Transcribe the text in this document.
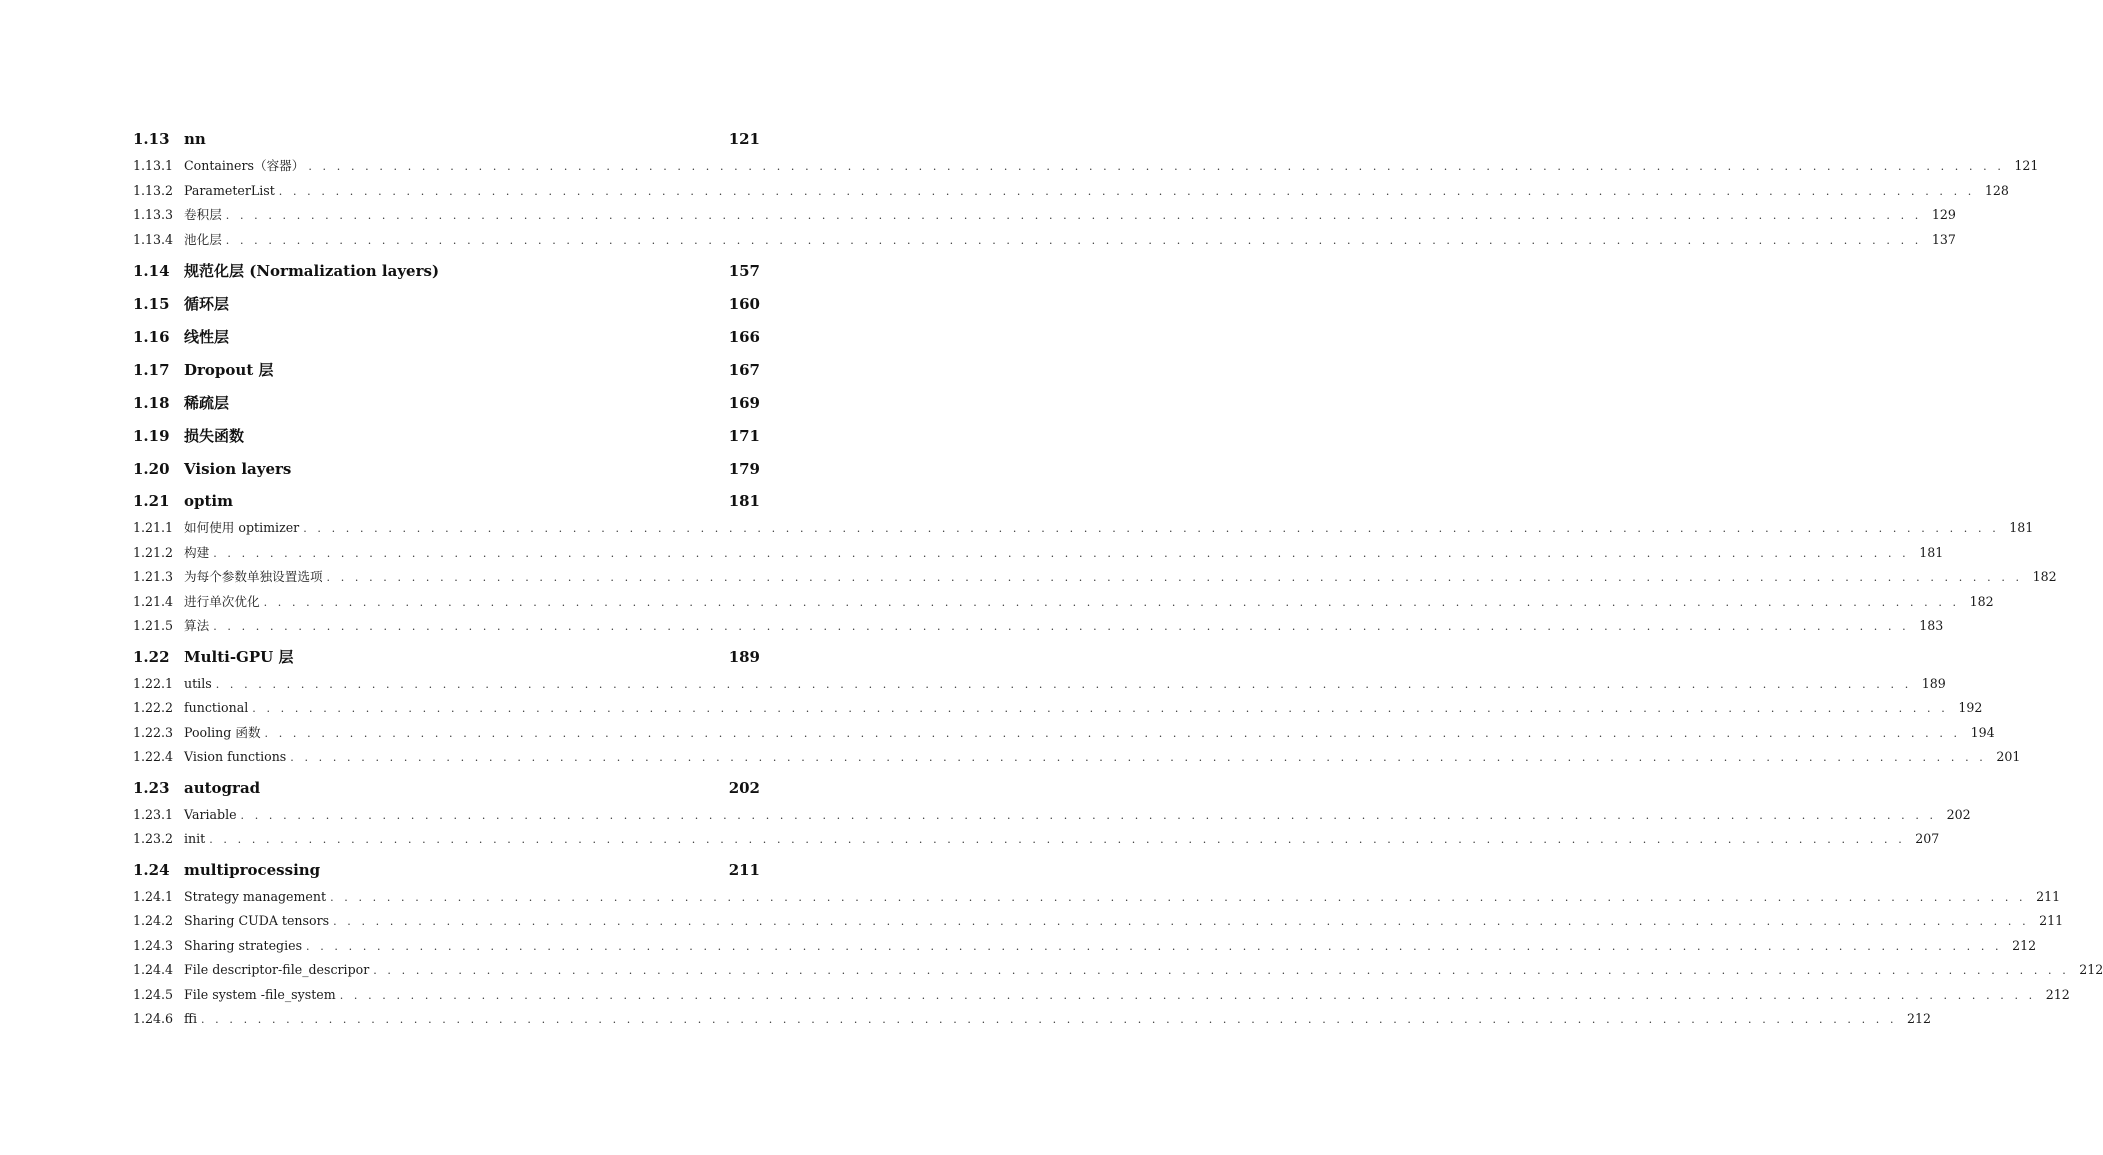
1.13 nn	121
1.13.1 Containers（容器） . . . . . . . . . . . . . . . . . . . . . . . . . . . . . . . . . . . . . . . . . . . . . . . . . . . . . . . . . . . . . . . . . . . . . . . . . . . . . . . . . . . . . . . . . . . . . . . . . . . . . . . . . . . . . . . . . . . . . . . . 121
1.13.2 ParameterList . . . . . . . . . . . . . . . . . . . . . . . . . . . . . . . . . . . . . . . . . . . . . . . . . . . . . . . . . . . . . . . . . . . . . . . . . . . . . . . . . . . . . . . . . . . . . . . . . . . . . . . . . . . . . . . . . . . . . . . . 128
1.13.3 卷积层 . . . . . . . . . . . . . . . . . . . . . . . . . . . . . . . . . . . . . . . . . . . . . . . . . . . . . . . . . . . . . . . . . . . . . . . . . . . . . . . . . . . . . . . . . . . . . . . . . . . . . . . . . . . . . . . . . . . . . . . . 129
1.13.4 池化层 . . . . . . . . . . . . . . . . . . . . . . . . . . . . . . . . . . . . . . . . . . . . . . . . . . . . . . . . . . . . . . . . . . . . . . . . . . . . . . . . . . . . . . . . . . . . . . . . . . . . . . . . . . . . . . . . . . . . . . . . 137
1.14 规范化层 (Normalization layers)	157
1.15 循环层	160
1.16 线性层	166
1.17 Dropout 层	167
1.18 稀疏层	169
1.19 损失函数	171
1.20 Vision layers	179
1.21 optim	181
1.21.1 如何使用 optimizer . . . . . . . . . . . . . . . . . . . . . . . . . . . . . . . . . . . . . . . . . . . . . . . . . . . . . . . . . . . . . . . . . . . . . . . . . . . . . . . . . . . . . . . . . . . . . . . . . . . . . . . . . . . . . . . . . . . . . . . . 181
1.21.2 构建 . . . . . . . . . . . . . . . . . . . . . . . . . . . . . . . . . . . . . . . . . . . . . . . . . . . . . . . . . . . . . . . . . . . . . . . . . . . . . . . . . . . . . . . . . . . . . . . . . . . . . . . . . . . . . . . . . . . . . . . . 181
1.21.3 为每个参数单独设置选项 . . . . . . . . . . . . . . . . . . . . . . . . . . . . . . . . . . . . . . . . . . . . . . . . . . . . . . . . . . . . . . . . . . . . . . . . . . . . . . . . . . . . . . . . . . . . . . . . . . . . . . . . . . . . . . . . . . . . . . . . 182
1.21.4 进行单次优化 . . . . . . . . . . . . . . . . . . . . . . . . . . . . . . . . . . . . . . . . . . . . . . . . . . . . . . . . . . . . . . . . . . . . . . . . . . . . . . . . . . . . . . . . . . . . . . . . . . . . . . . . . . . . . . . . . . . . . . . . 182
1.21.5 算法 . . . . . . . . . . . . . . . . . . . . . . . . . . . . . . . . . . . . . . . . . . . . . . . . . . . . . . . . . . . . . . . . . . . . . . . . . . . . . . . . . . . . . . . . . . . . . . . . . . . . . . . . . . . . . . . . . . . . . . . . 183
1.22 Multi-GPU 层	189
1.22.1 utils . . . . . . . . . . . . . . . . . . . . . . . . . . . . . . . . . . . . . . . . . . . . . . . . . . . . . . . . . . . . . . . . . . . . . . . . . . . . . . . . . . . . . . . . . . . . . . . . . . . . . . . . . . . . . . . . . . . . . . . . 189
1.22.2 functional . . . . . . . . . . . . . . . . . . . . . . . . . . . . . . . . . . . . . . . . . . . . . . . . . . . . . . . . . . . . . . . . . . . . . . . . . . . . . . . . . . . . . . . . . . . . . . . . . . . . . . . . . . . . . . . . . . . . . . . . 192
1.22.3 Pooling 函数 . . . . . . . . . . . . . . . . . . . . . . . . . . . . . . . . . . . . . . . . . . . . . . . . . . . . . . . . . . . . . . . . . . . . . . . . . . . . . . . . . . . . . . . . . . . . . . . . . . . . . . . . . . . . . . . . . . . . . . . . 194
1.22.4 Vision functions . . . . . . . . . . . . . . . . . . . . . . . . . . . . . . . . . . . . . . . . . . . . . . . . . . . . . . . . . . . . . . . . . . . . . . . . . . . . . . . . . . . . . . . . . . . . . . . . . . . . . . . . . . . . . . . . . . . . . . . . 201
1.23 autograd	202
1.23.1 Variable . . . . . . . . . . . . . . . . . . . . . . . . . . . . . . . . . . . . . . . . . . . . . . . . . . . . . . . . . . . . . . . . . . . . . . . . . . . . . . . . . . . . . . . . . . . . . . . . . . . . . . . . . . . . . . . . . . . . . . . . 202
1.23.2 init . . . . . . . . . . . . . . . . . . . . . . . . . . . . . . . . . . . . . . . . . . . . . . . . . . . . . . . . . . . . . . . . . . . . . . . . . . . . . . . . . . . . . . . . . . . . . . . . . . . . . . . . . . . . . . . . . . . . . . . . 207
1.24 multiprocessing	211
1.24.1 Strategy management . . . . . . . . . . . . . . . . . . . . . . . . . . . . . . . . . . . . . . . . . . . . . . . . . . . . . . . . . . . . . . . . . . . . . . . . . . . . . . . . . . . . . . . . . . . . . . . . . . . . . . . . . . . . . . . . . . . . . . . . 211
1.24.2 Sharing CUDA tensors . . . . . . . . . . . . . . . . . . . . . . . . . . . . . . . . . . . . . . . . . . . . . . . . . . . . . . . . . . . . . . . . . . . . . . . . . . . . . . . . . . . . . . . . . . . . . . . . . . . . . . . . . . . . . . . . . . . . . . . . 211
1.24.3 Sharing strategies . . . . . . . . . . . . . . . . . . . . . . . . . . . . . . . . . . . . . . . . . . . . . . . . . . . . . . . . . . . . . . . . . . . . . . . . . . . . . . . . . . . . . . . . . . . . . . . . . . . . . . . . . . . . . . . . . . . . . . . . 212
1.24.4 File descriptor-file_descripor . . . . . . . . . . . . . . . . . . . . . . . . . . . . . . . . . . . . . . . . . . . . . . . . . . . . . . . . . . . . . . . . . . . . . . . . . . . . . . . . . . . . . . . . . . . . . . . . . . . . . . . . . . . . . . . . . . . . . . . . 212
1.24.5 File system -file_system . . . . . . . . . . . . . . . . . . . . . . . . . . . . . . . . . . . . . . . . . . . . . . . . . . . . . . . . . . . . . . . . . . . . . . . . . . . . . . . . . . . . . . . . . . . . . . . . . . . . . . . . . . . . . . . . . . . . . . . . 212
1.24.6 ffi . . . . . . . . . . . . . . . . . . . . . . . . . . . . . . . . . . . . . . . . . . . . . . . . . . . . . . . . . . . . . . . . . . . . . . . . . . . . . . . . . . . . . . . . . . . . . . . . . . . . . . . . . . . . . . . . . . . . . . . . 212
